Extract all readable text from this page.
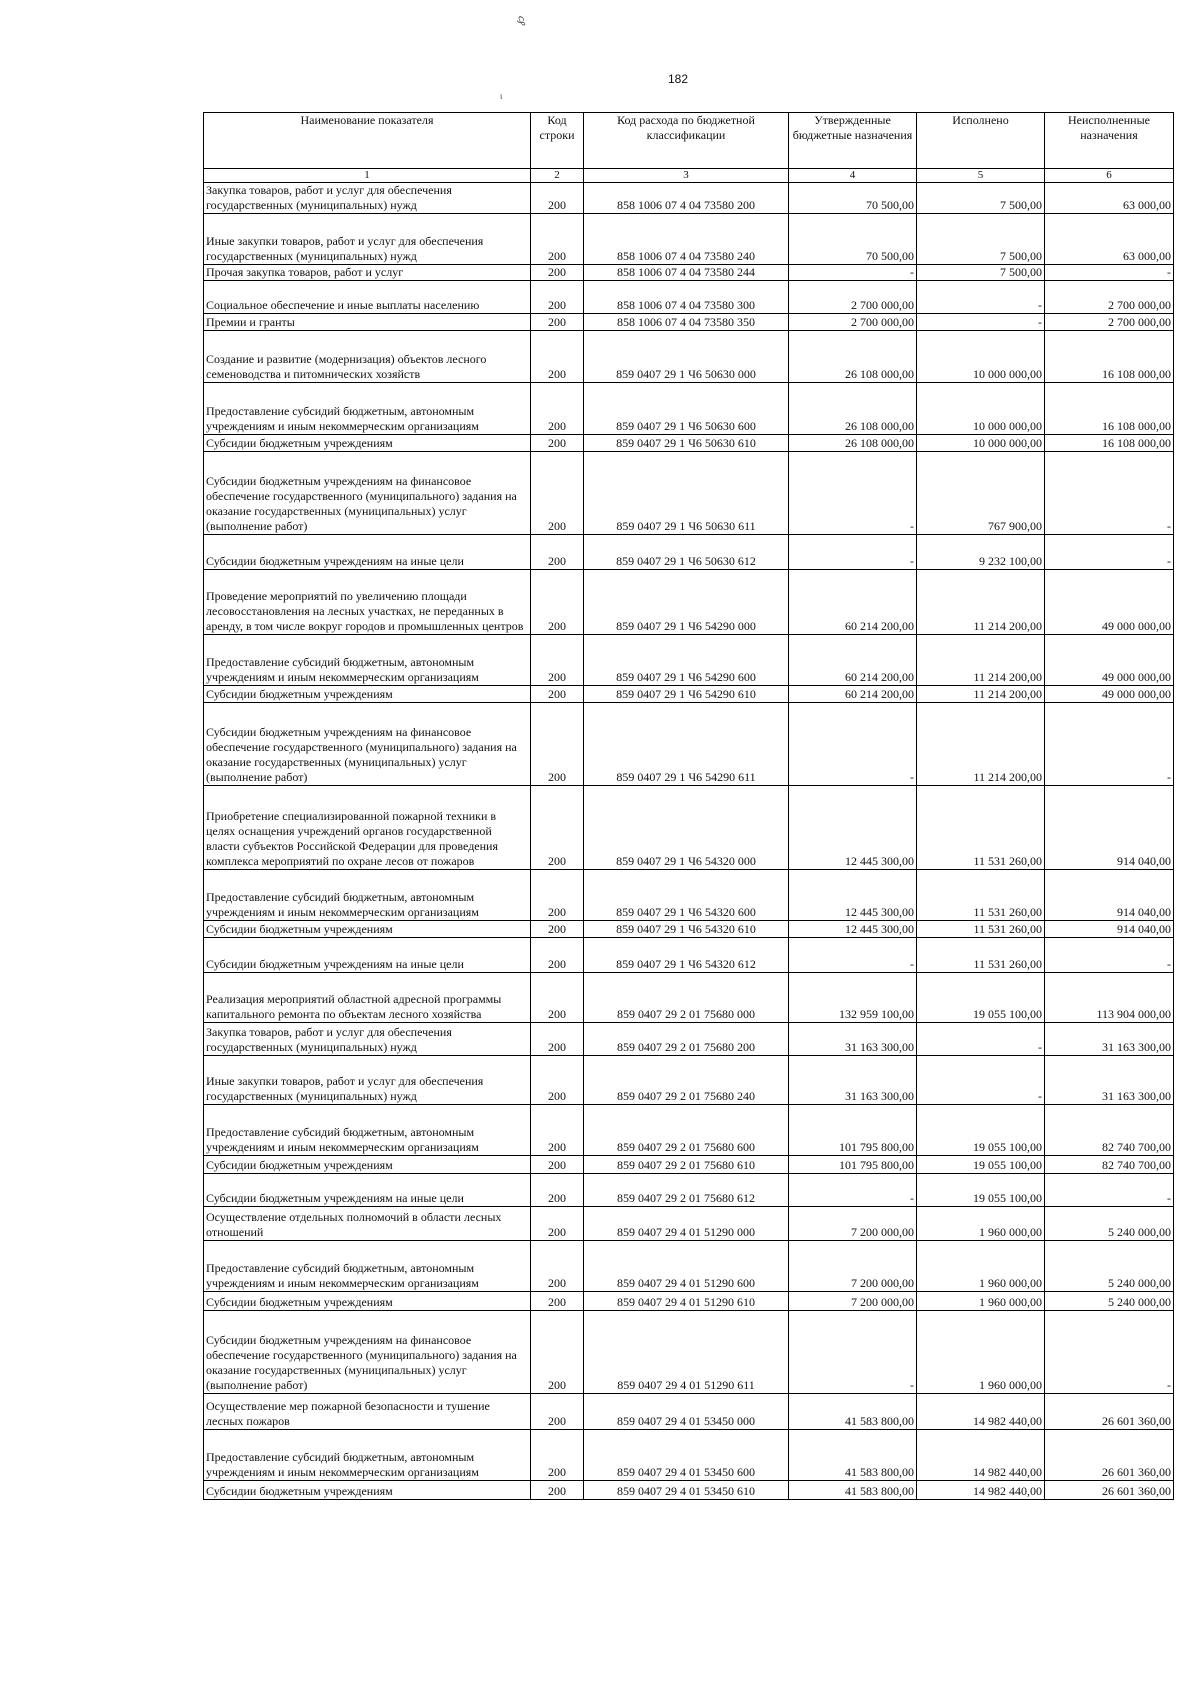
℘
182
ι
Наименование показателя	Код строки	Код расхода по бюджетной классификации	Утвержденные бюджетные назначения	Исполнено	Неисполненные назначения
1	2	3	4	5	6
Закупка товаров, работ и услуг для обеспечения государственных (муниципальных) нужд	200	858 1006 07 4 04 73580 200	70 500,00	7 500,00	63 000,00
Иные закупки товаров, работ и услуг для обеспечения государственных (муниципальных) нужд	200	858 1006 07 4 04 73580 240	70 500,00	7 500,00	63 000,00
Прочая закупка товаров, работ и услуг	200	858 1006 07 4 04 73580 244	-	7 500,00	-
Социальное обеспечение и иные выплаты населению	200	858 1006 07 4 04 73580 300	2 700 000,00	-	2 700 000,00
Премии и гранты	200	858 1006 07 4 04 73580 350	2 700 000,00	-	2 700 000,00
Создание и развитие (модернизация) объектов лесного семеноводства и питомнических хозяйств	200	859 0407 29 1 Ч6 50630 000	26 108 000,00	10 000 000,00	16 108 000,00
Предоставление субсидий бюджетным, автономным учреждениям и иным некоммерческим организациям	200	859 0407 29 1 Ч6 50630 600	26 108 000,00	10 000 000,00	16 108 000,00
Субсидии бюджетным учреждениям	200	859 0407 29 1 Ч6 50630 610	26 108 000,00	10 000 000,00	16 108 000,00
Субсидии бюджетным учреждениям на финансовое обеспечение государственного (муниципального) задания на оказание государственных (муниципальных) услуг (выполнение работ)	200	859 0407 29 1 Ч6 50630 611	-	767 900,00	-
Субсидии бюджетным учреждениям на иные цели	200	859 0407 29 1 Ч6 50630 612	-	9 232 100,00	-
Проведение мероприятий по увеличению площади лесовосстановления на лесных участках, не переданных в аренду, в том числе вокруг городов и промышленных центров	200	859 0407 29 1 Ч6 54290 000	60 214 200,00	11 214 200,00	49 000 000,00
Предоставление субсидий бюджетным, автономным учреждениям и иным некоммерческим организациям	200	859 0407 29 1 Ч6 54290 600	60 214 200,00	11 214 200,00	49 000 000,00
Субсидии бюджетным учреждениям	200	859 0407 29 1 Ч6 54290 610	60 214 200,00	11 214 200,00	49 000 000,00
Субсидии бюджетным учреждениям на финансовое обеспечение государственного (муниципального) задания на оказание государственных (муниципальных) услуг (выполнение работ)	200	859 0407 29 1 Ч6 54290 611	-	11 214 200,00	-
Приобретение специализированной пожарной техники в целях оснащения учреждений органов государственной власти субъектов Российской Федерации для проведения комплекса мероприятий по охране лесов от пожаров	200	859 0407 29 1 Ч6 54320 000	12 445 300,00	11 531 260,00	914 040,00
Предоставление субсидий бюджетным, автономным учреждениям и иным некоммерческим организациям	200	859 0407 29 1 Ч6 54320 600	12 445 300,00	11 531 260,00	914 040,00
Субсидии бюджетным учреждениям	200	859 0407 29 1 Ч6 54320 610	12 445 300,00	11 531 260,00	914 040,00
Субсидии бюджетным учреждениям на иные цели	200	859 0407 29 1 Ч6 54320 612	-	11 531 260,00	-
Реализация мероприятий областной адресной программы капитального ремонта по объектам лесного хозяйства	200	859 0407 29 2 01 75680 000	132 959 100,00	19 055 100,00	113 904 000,00
Закупка товаров, работ и услуг для обеспечения государственных (муниципальных) нужд	200	859 0407 29 2 01 75680 200	31 163 300,00	-	31 163 300,00
Иные закупки товаров, работ и услуг для обеспечения государственных (муниципальных) нужд	200	859 0407 29 2 01 75680 240	31 163 300,00	-	31 163 300,00
Предоставление субсидий бюджетным, автономным учреждениям и иным некоммерческим организациям	200	859 0407 29 2 01 75680 600	101 795 800,00	19 055 100,00	82 740 700,00
Субсидии бюджетным учреждениям	200	859 0407 29 2 01 75680 610	101 795 800,00	19 055 100,00	82 740 700,00
Субсидии бюджетным учреждениям на иные цели	200	859 0407 29 2 01 75680 612	-	19 055 100,00	-
Осуществление отдельных полномочий в области лесных отношений	200	859 0407 29 4 01 51290 000	7 200 000,00	1 960 000,00	5 240 000,00
Предоставление субсидий бюджетным, автономным учреждениям и иным некоммерческим организациям	200	859 0407 29 4 01 51290 600	7 200 000,00	1 960 000,00	5 240 000,00
Субсидии бюджетным учреждениям	200	859 0407 29 4 01 51290 610	7 200 000,00	1 960 000,00	5 240 000,00
Субсидии бюджетным учреждениям на финансовое обеспечение государственного (муниципального) задания на оказание государственных (муниципальных) услуг (выполнение работ)	200	859 0407 29 4 01 51290 611	-	1 960 000,00	-
Осуществление мер пожарной безопасности и тушение лесных пожаров	200	859 0407 29 4 01 53450 000	41 583 800,00	14 982 440,00	26 601 360,00
Предоставление субсидий бюджетным, автономным учреждениям и иным некоммерческим организациям	200	859 0407 29 4 01 53450 600	41 583 800,00	14 982 440,00	26 601 360,00
Субсидии бюджетным учреждениям	200	859 0407 29 4 01 53450 610	41 583 800,00	14 982 440,00	26 601 360,00
